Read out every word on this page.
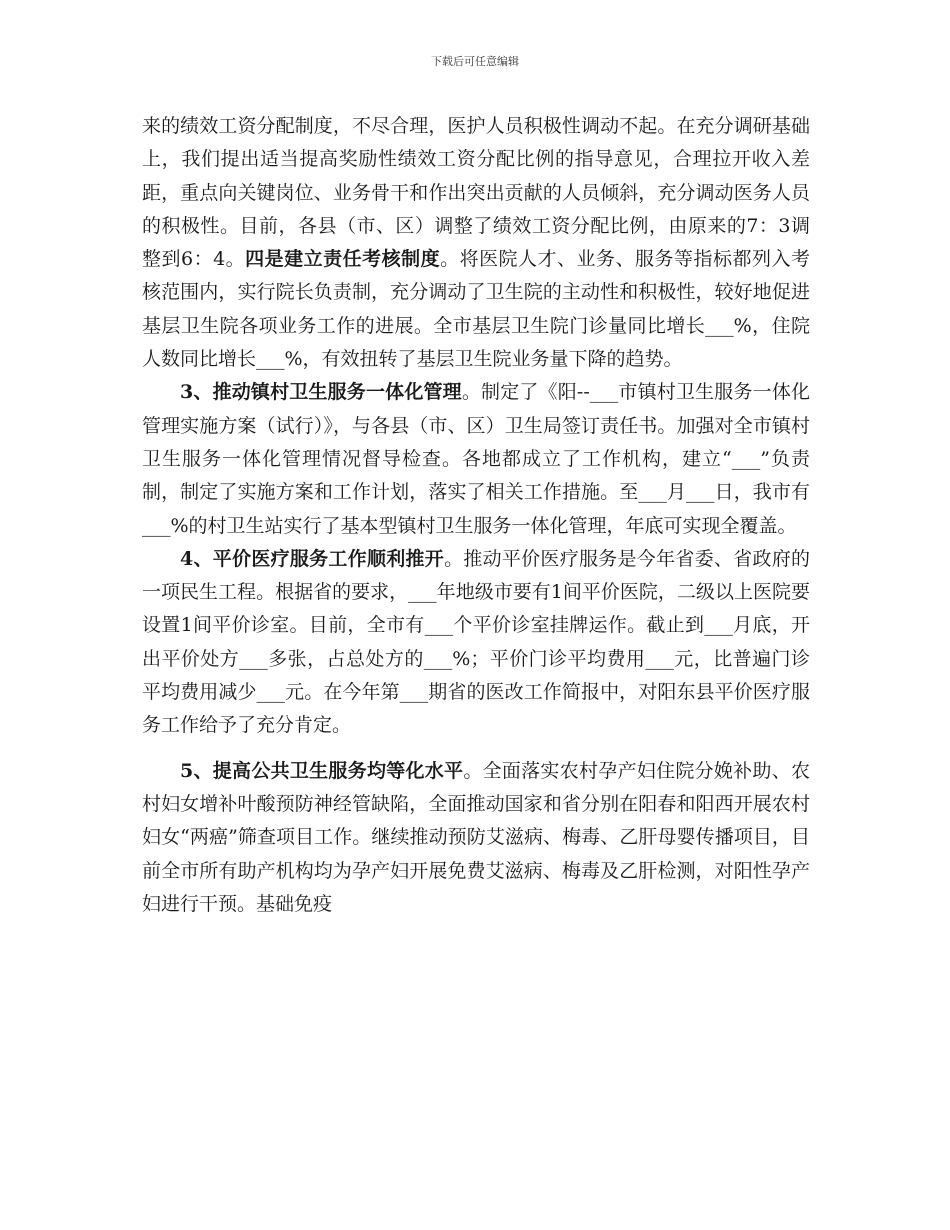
下载后可任意编辑

来的绩效工资分配制度，不尽合理，医护人员积极性调动不起。在充分调研基础上，我们提出适当提高奖励性绩效工资分配比例的指导意见，合理拉开收入差距，重点向关键岗位、业务骨干和作出突出贡献的人员倾斜，充分调动医务人员的积极性。目前，各县（市、区）调整了绩效工资分配比例，由原来的7：3调整到6：4。四是建立责任考核制度。将医院人才、业务、服务等指标都列入考核范围内，实行院长负责制，充分调动了卫生院的主动性和积极性，较好地促进基层卫生院各项业务工作的进展。全市基层卫生院门诊量同比增长___%，住院人数同比增长___%，有效扭转了基层卫生院业务量下降的趋势。

3、推动镇村卫生服务一体化管理。制定了《阳--___市镇村卫生服务一体化管理实施方案（试行）》，与各县（市、区）卫生局签订责任书。加强对全市镇村卫生服务一体化管理情况督导检查。各地都成立了工作机构，建立“___”负责制，制定了实施方案和工作计划，落实了相关工作措施。至___月___日，我市有___%的村卫生站实行了基本型镇村卫生服务一体化管理，年底可实现全覆盖。

4、平价医疗服务工作顺利推开。推动平价医疗服务是今年省委、省政府的一项民生工程。根据省的要求，___年地级市要有1间平价医院，二级以上医院要设置1间平价诊室。目前，全市有___个平价诊室挂牌运作。截止到___月底，开出平价处方___多张，占总处方的___%；平价门诊平均费用___元，比普遍门诊平均费用减少___元。在今年第___期省的医改工作简报中，对阳东县平价医疗服务工作给予了充分肯定。

5、提高公共卫生服务均等化水平。全面落实农村孕产妇住院分娩补助、农村妇女增补叶酸预防神经管缺陷，全面推动国家和省分别在阳春和阳西开展农村妇女“两癌”筛查项目工作。继续推动预防艾滋病、梅毒、乙肝母婴传播项目，目前全市所有助产机构均为孕产妇开展免费艾滋病、梅毒及乙肝检测，对阳性孕产妇进行干预。基础免疫
